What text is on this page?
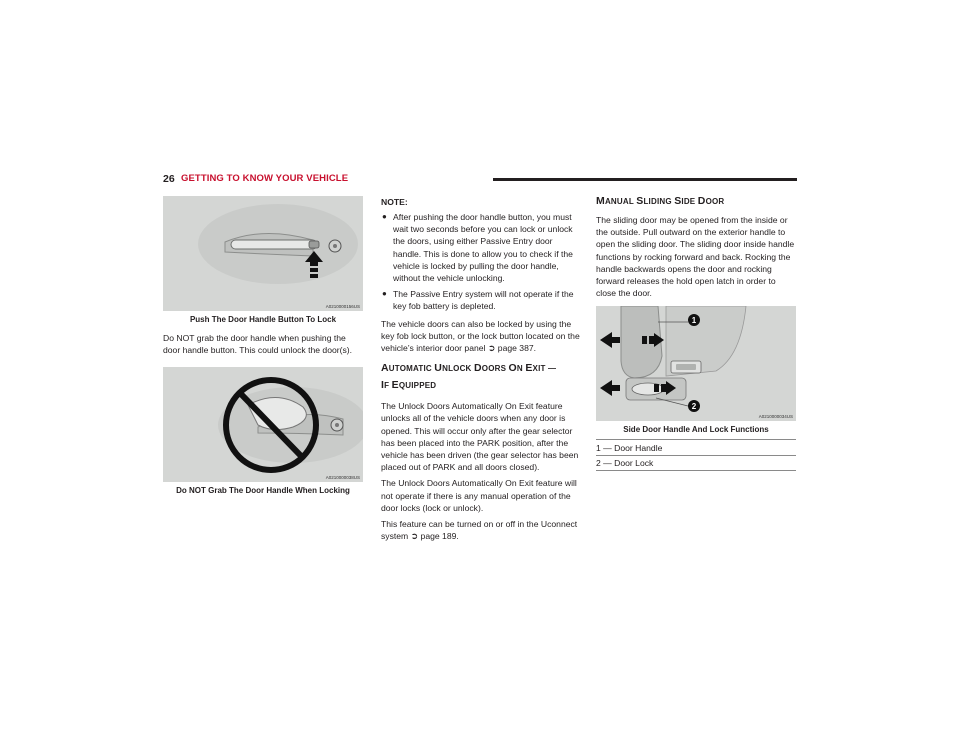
26 GETTING TO KNOW YOUR VEHICLE
A0210000156US
Push The Door Handle Button To Lock

Do NOT grab the door handle when pushing the door handle button. This could unlock the door(s).

A0210000038US
Do NOT Grab The Door Handle When Locking
NOTE:
● After pushing the door handle button, you must wait two seconds before you can lock or unlock the doors, using either Passive Entry door handle. This is done to allow you to check if the vehicle is locked by pulling the door handle, without the vehicle unlocking.
● The Passive Entry system will not operate if the key fob battery is depleted.

The vehicle doors can also be locked by using the key fob lock button, or the lock button located on the vehicle’s interior door panel ➲ page 387.

AUTOMATIC UNLOCK DOORS ON EXIT —
IF EQUIPPED

The Unlock Doors Automatically On Exit feature unlocks all of the vehicle doors when any door is opened. This will occur only after the gear selector has been placed into the PARK position, after the vehicle has been driven (the gear selector has been placed out of PARK and all doors closed).

The Unlock Doors Automatically On Exit feature will not operate if there is any manual operation of the door locks (lock or unlock).

This feature can be turned on or off in the Uconnect system ➲ page 189.

MANUAL SLIDING SIDE DOOR

The sliding door may be opened from the inside or the outside. Pull outward on the exterior handle to open the sliding door. The sliding door inside handle functions by rocking forward and back. Rocking the handle backwards opens the door and rocking forward releases the hold open latch in order to close the door.

1
2
A0210000034US
Side Door Handle And Lock Functions
1 — Door Handle
2 — Door Lock
